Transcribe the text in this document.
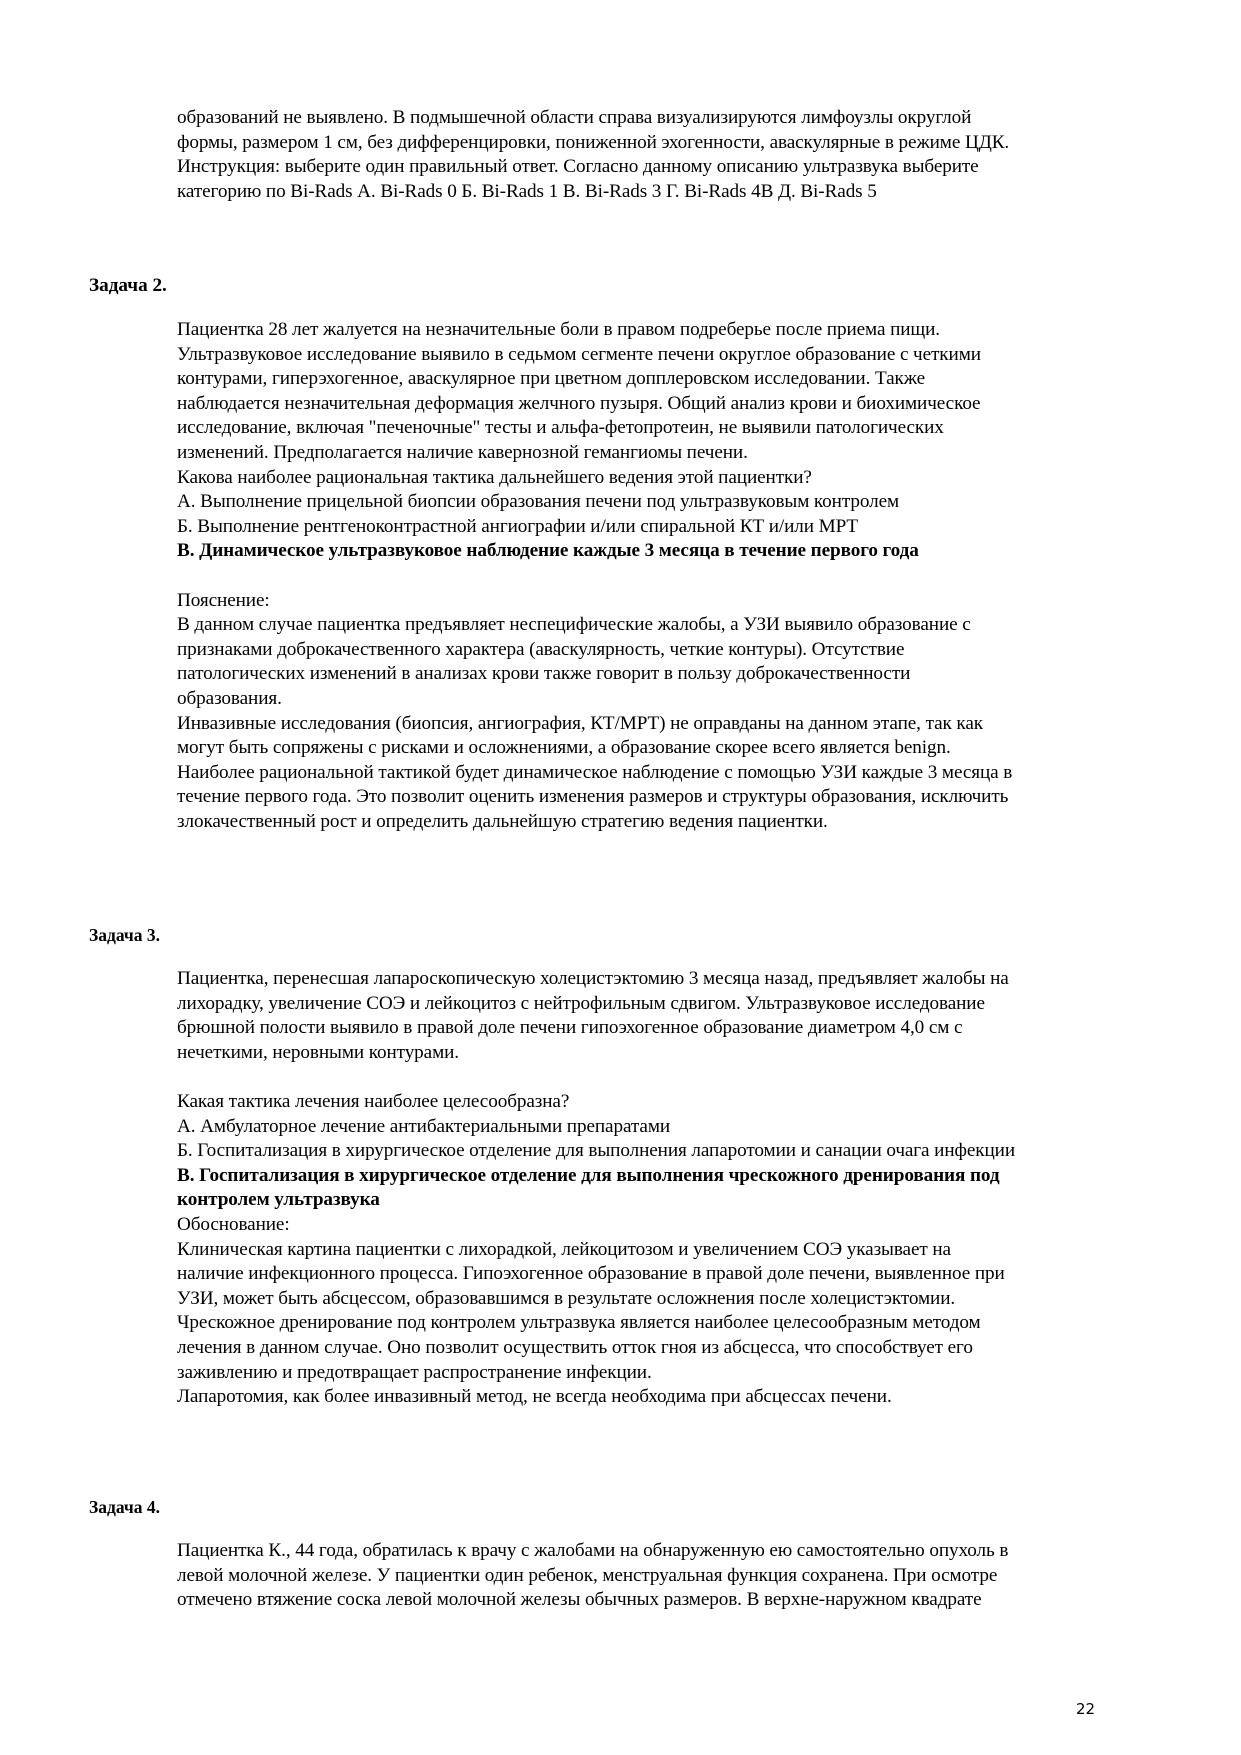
образований не выявлено. В подмышечной области справа визуализируются лимфоузлы округлой
формы, размером 1 см, без дифференцировки, пониженной эхогенности, аваскулярные в режиме ЦДК.
Инструкция: выберите один правильный ответ. Согласно данному описанию ультразвука выберите
категорию по Bi-Rads А. Bi-Rads 0 Б. Bi-Rads 1 В. Bi-Rads 3 Г. Bi-Rads 4В Д. Bi-Rads 5
Задача 2.
Пациентка 28 лет жалуется на незначительные боли в правом подреберье после приема пищи.
Ультразвуковое исследование выявило в седьмом сегменте печени округлое образование с четкими
контурами, гиперэхогенное, аваскулярное при цветном допплеровском исследовании. Также
наблюдается незначительная деформация желчного пузыря. Общий анализ крови и биохимическое
исследование, включая "печеночные" тесты и альфа-фетопротеин, не выявили патологических
изменений. Предполагается наличие кавернозной гемангиомы печени.
Какова наиболее рациональная тактика дальнейшего ведения этой пациентки?
А. Выполнение прицельной биопсии образования печени под ультразвуковым контролем
Б. Выполнение рентгеноконтрастной ангиографии и/или спиральной КТ и/или МРТ
В. Динамическое ультразвуковое наблюдение каждые 3 месяца в течение первого года
Пояснение:
В данном случае пациентка предъявляет неспецифические жалобы, а УЗИ выявило образование с
признаками доброкачественного характера (аваскулярность, четкие контуры). Отсутствие
патологических изменений в анализах крови также говорит в пользу доброкачественности
образования.
Инвазивные исследования (биопсия, ангиография, КТ/МРТ) не оправданы на данном этапе, так как
могут быть сопряжены с рисками и осложнениями, а образование скорее всего является benign.
Наиболее рациональной тактикой будет динамическое наблюдение с помощью УЗИ каждые 3 месяца в
течение первого года. Это позволит оценить изменения размеров и структуры образования, исключить
злокачественный рост и определить дальнейшую стратегию ведения пациентки.
Задача 3.
Пациентка, перенесшая лапароскопическую холецистэктомию 3 месяца назад, предъявляет жалобы на
лихорадку, увеличение СОЭ и лейкоцитоз с нейтрофильным сдвигом. Ультразвуковое исследование
брюшной полости выявило в правой доле печени гипоэхогенное образование диаметром 4,0 см с
нечеткими, неровными контурами.
Какая тактика лечения наиболее целесообразна?
А. Амбулаторное лечение антибактериальными препаратами
Б. Госпитализация в хирургическое отделение для выполнения лапаротомии и санации очага инфекции
В. Госпитализация в хирургическое отделение для выполнения чрескожного дренирования под
контролем ультразвука
Обоснование:
Клиническая картина пациентки с лихорадкой, лейкоцитозом и увеличением СОЭ указывает на
наличие инфекционного процесса. Гипоэхогенное образование в правой доле печени, выявленное при
УЗИ, может быть абсцессом, образовавшимся в результате осложнения после холецистэктомии.
Чрескожное дренирование под контролем ультразвука является наиболее целесообразным методом
лечения в данном случае. Оно позволит осуществить отток гноя из абсцесса, что способствует его
заживлению и предотвращает распространение инфекции.
Лапаротомия, как более инвазивный метод, не всегда необходима при абсцессах печени.
Задача 4.
Пациентка К., 44 года, обратилась к врачу с жалобами на обнаруженную ею самостоятельно опухоль в
левой молочной железе. У пациентки один ребенок, менструальная функция сохранена. При осмотре
отмечено втяжение соска левой молочной железы обычных размеров. В верхне-наружном квадрате
22
